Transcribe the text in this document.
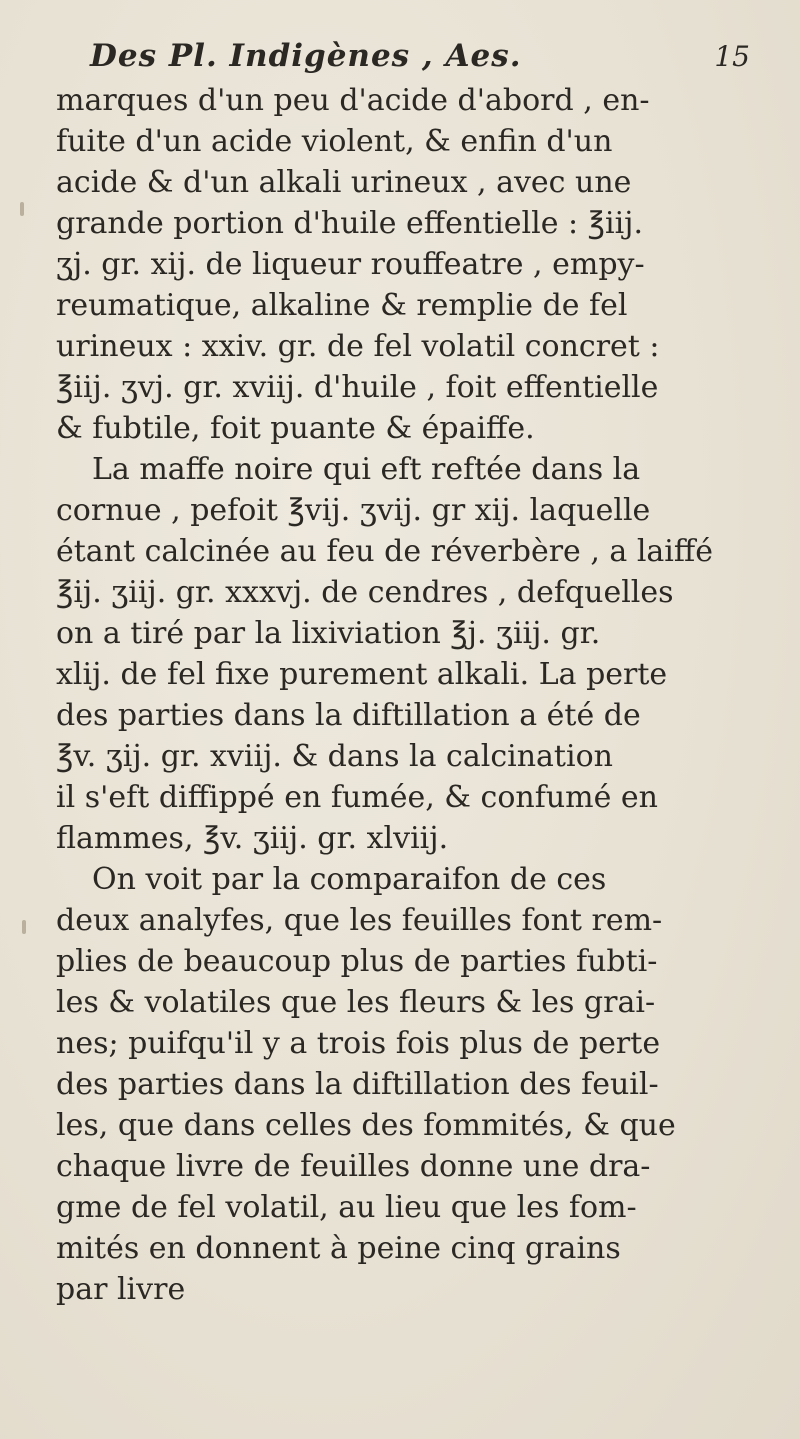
Des Pl. Indigènes , Aes.	15
marques d'un peu d'acide d'abord , en-
fuite d'un acide violent, & enfin d'un
acide & d'un alkali urineux , avec une
grande portion d'huile effentielle : ℥iij.
ʒj. gr. xij. de liqueur rouffeatre , empy-
reumatique, alkaline & remplie de fel
urineux : xxiv. gr. de fel volatil concret :
℥iij. ʒvj. gr. xviij. d'huile , foit effentielle
& fubtile, foit puante & épaiffe.
La maffe noire qui eft reftée dans la
cornue , pefoit ℥vij. ʒvij. gr xij. laquelle
étant calcinée au feu de réverbère , a laiffé
℥ij. ʒiij. gr. xxxvj. de cendres , defquelles
on a tiré par la lixiviation ℥j. ʒiij. gr.
xlij. de fel fixe purement alkali. La perte
des parties dans la diftillation a été de
℥v. ʒij. gr. xviij. & dans la calcination
il s'eft diffippé en fumée, & confumé en
flammes, ℥v. ʒiij. gr. xlviij.
On voit par la comparaifon de ces
deux analyfes, que les feuilles font rem-
plies de beaucoup plus de parties fubti-
les & volatiles que les fleurs & les grai-
nes; puifqu'il y a trois fois plus de perte
des parties dans la diftillation des feuil-
les, que dans celles des fommités, & que
chaque livre de feuilles donne une dra-
gme de fel volatil, au lieu que les fom-
mités en donnent à peine cinq grains
par livre
